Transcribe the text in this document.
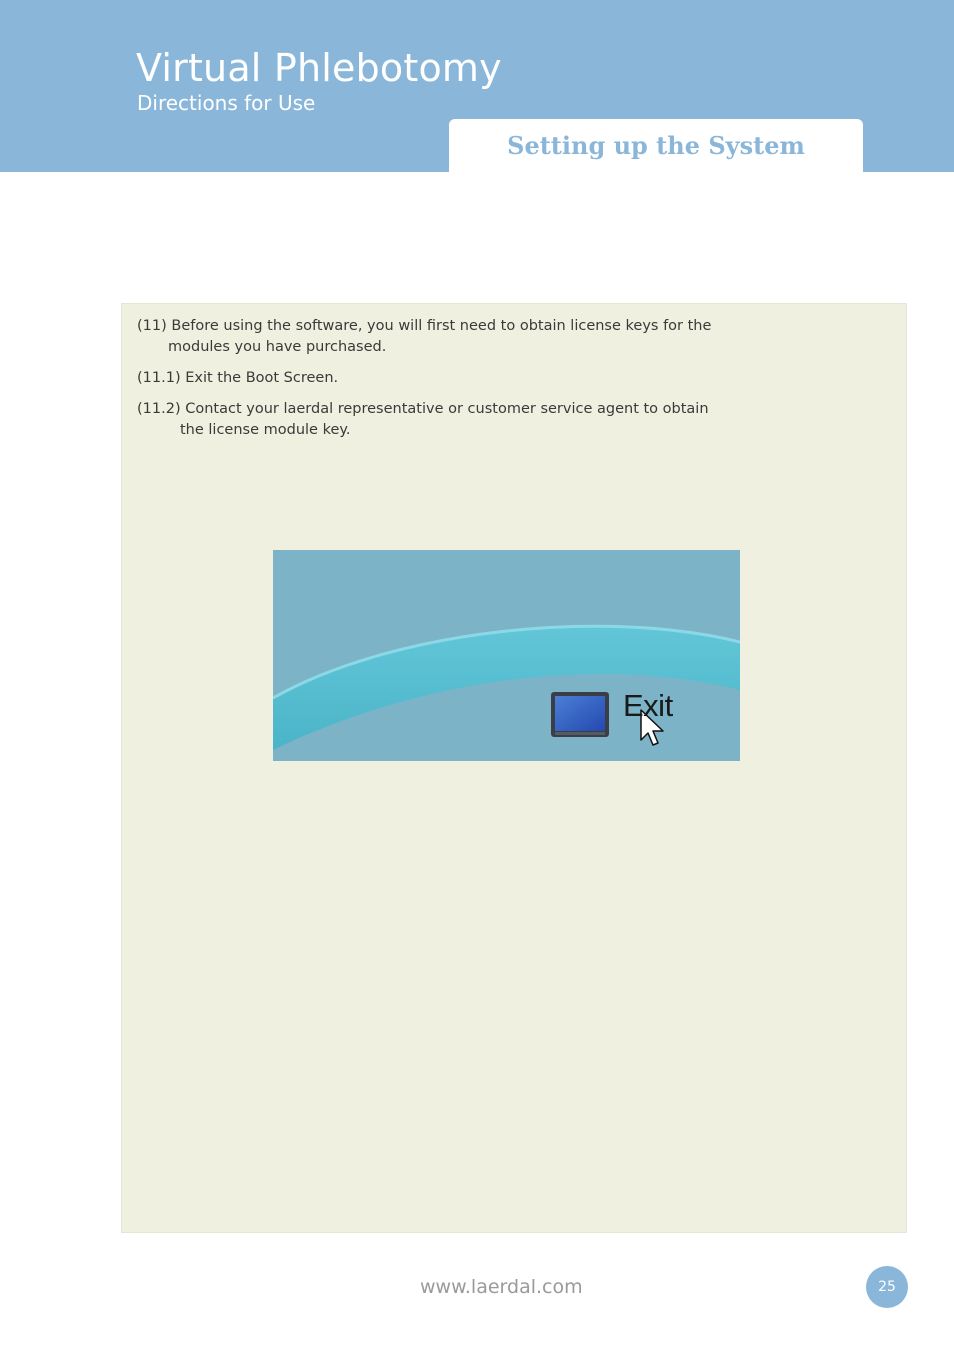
Virtual Phlebotomy
Directions for Use
Setting up the System
(11) Before using the software, you will first need to obtain license keys for the
modules you have purchased.
(11.1) Exit the Boot Screen.
(11.2) Contact your laerdal representative or customer service agent to obtain
the license module key.
Exit
www.laerdal.com	25
